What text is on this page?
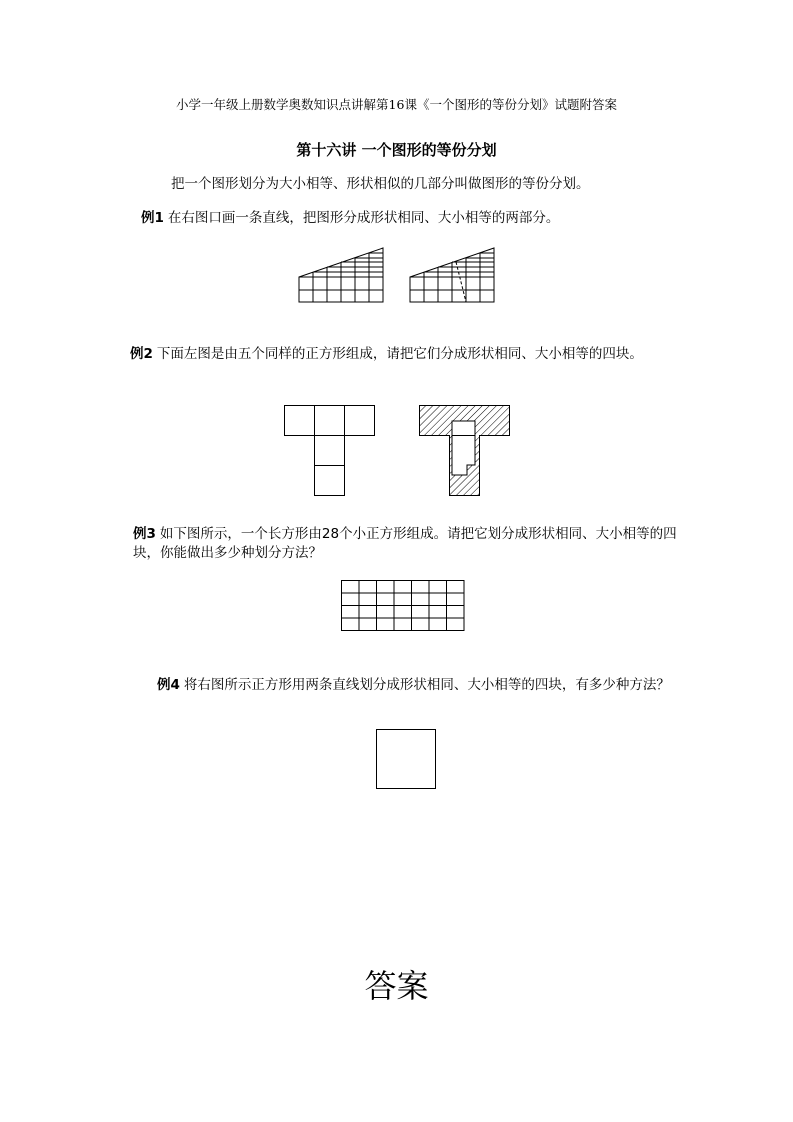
小学一年级上册数学奥数知识点讲解第16课《一个图形的等份分划》试题附答案
第十六讲 一个图形的等份分划
把一个图形划分为大小相等、形状相似的几部分叫做图形的等份分划。
例1 在右图口画一条直线，把图形分成形状相同、大小相等的两部分。
例2 下面左图是由五个同样的正方形组成，请把它们分成形状相同、大小相等的四块。
例3 如下图所示，一个长方形由28个小正方形组成。请把它划分成形状相同、大小相等的四块，你能做出多少种划分方法？
例4 将右图所示正方形用两条直线划分成形状相同、大小相等的四块，有多少种方法？
答案
